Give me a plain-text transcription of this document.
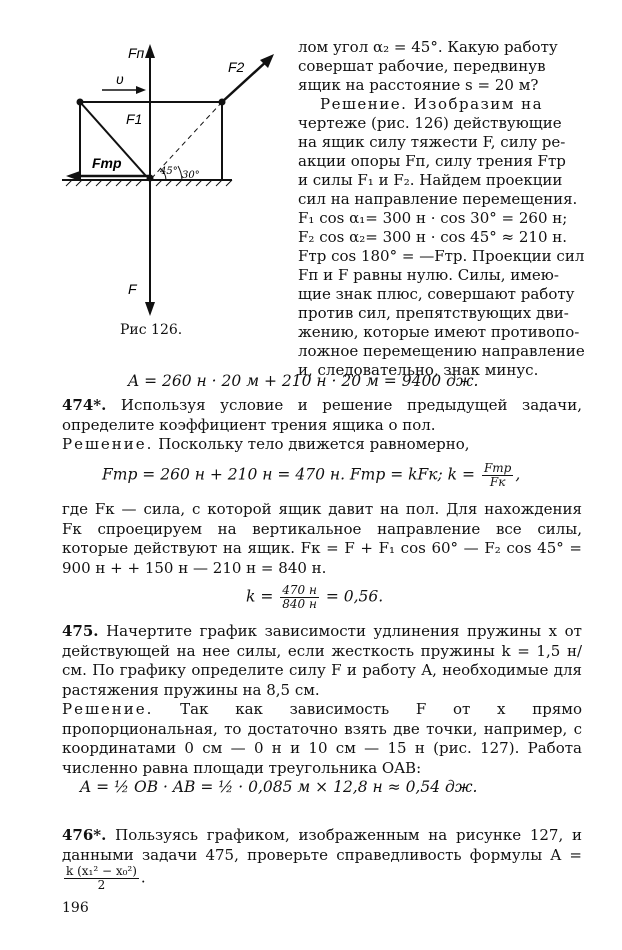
Fп
F2
υ
F1
Fтр
45° 30°
F
Рис 126.
лом угол α₂ = 45°. Какую работу
совершат рабочие, передвинув
ящик на расстояние s = 20 м?
Решение. Изобразим на
чертеже (рис. 126) действующие
на ящик силу тяжести F, силу ре-
акции опоры Fп, силу трения Fтр
и силы F₁ и F₂. Найдем проекции
сил на направление перемещения.
F₁ cos α₁= 300 н · cos 30° = 260 н;
F₂ cos α₂= 300 н · cos 45° ≈ 210 н.
Fтр cos 180° = —Fтр. Проекции сил
Fп и F равны нулю. Силы, имею-
щие знак плюс, совершают работу
против сил, препятствующих дви-
жению, которые имеют противопо-
ложное перемещению направление
и, следовательно, знак минус.
A = 260 н · 20 м + 210 н · 20 м = 9400 дж.
474*. Используя условие и решение предыдущей задачи, определите коэффициент трения ящика о пол.
Решение. Поскольку тело движется равномерно,
Fтр = 260 н + 210 н = 470 н. Fтр = kFк; $k = \frac{\text{Fтр}}{Fк}$ ,
где Fк — сила, с которой ящик давит на пол. Для нахождения Fк спроецируем на вертикальное направление все силы, которые действуют на ящик. Fк = F + F₁ cos 60° — F₂ cos 45° = 900 н + + 150 н — 210 н = 840 н.
$k = \frac{470 н}{840 н} = 0,56$.
475. Начертите график зависимости удлинения пружины x от действующей на нее силы, если жесткость пружины k = 1,5 н/см. По графику определите силу F и работу A, необходимые для растяжения пружины на 8,5 см.
Решение. Так как зависимость F от x прямо пропорциональная, то достаточно взять две точки, например, с координатами 0 см — 0 н и 10 см — 15 н (рис. 127). Работа численно равна площади треугольника OAB:
A = ½ OB · AB = ½ · 0,085 м × 12,8 н ≈ 0,54 дж.
476*. Пользуясь графиком, изображенным на рисунке 127, и данными задачи 475, проверьте справедливость формулы A =
$\frac{\text{k (x₁² − x₀²)}}{2}$ .
196
